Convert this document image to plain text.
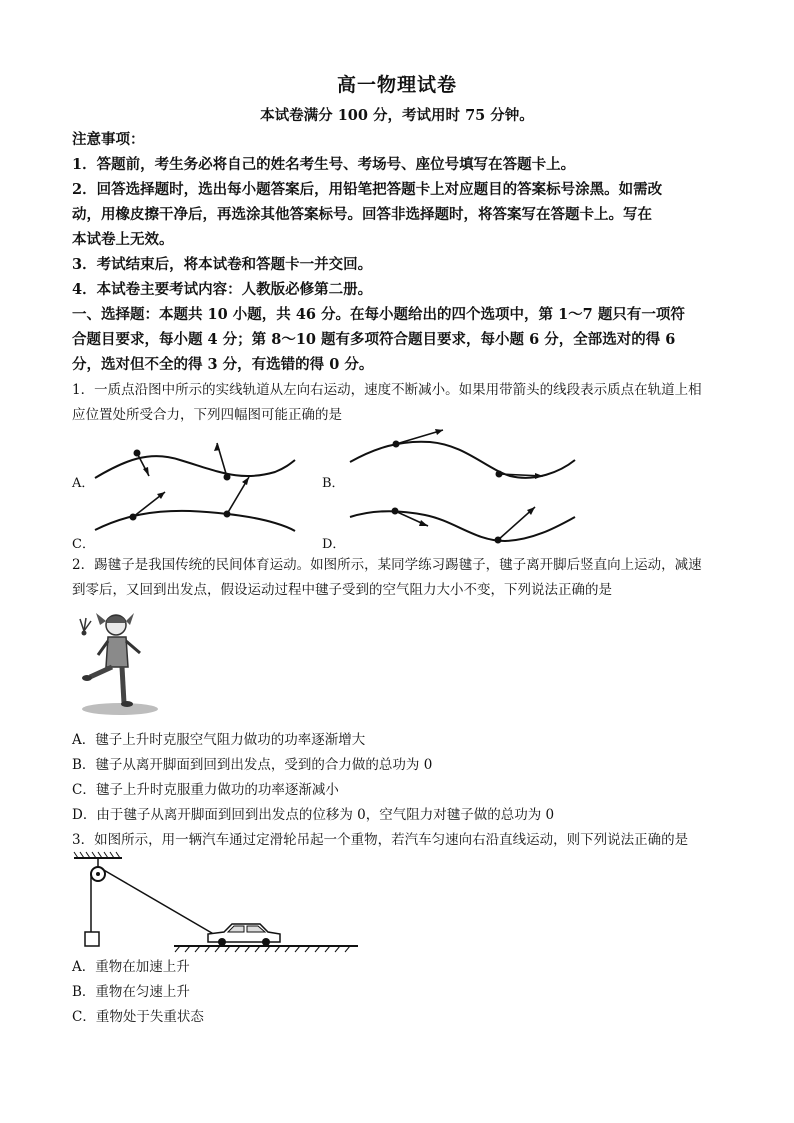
高一物理试卷
本试卷满分 100 分，考试用时 75 分钟。
注意事项：
1．答题前，考生务必将自己的姓名考生号、考场号、座位号填写在答题卡上。
2．回答选择题时，选出每小题答案后，用铅笔把答题卡上对应题目的答案标号涂黑。如需改
动，用橡皮擦干净后，再选涂其他答案标号。回答非选择题时，将答案写在答题卡上。写在
本试卷上无效。
3．考试结束后，将本试卷和答题卡一并交回。
4．本试卷主要考试内容：人教版必修第二册。
一、选择题：本题共 10 小题，共 46 分。在每小题给出的四个选项中，第 1～7 题只有一项符
合题目要求，每小题 4 分；第 8～10 题有多项符合题目要求，每小题 6 分，全部选对的得 6
分，选对但不全的得 3 分，有选错的得 0 分。
1．一质点沿图中所示的实线轨道从左向右运动，速度不断减小。如果用带箭头的线段表示质点在轨道上相
应位置处所受合力，下列四幅图可能正确的是
A．	B．
C．	D．
2．踢毽子是我国传统的民间体育运动。如图所示，某同学练习踢毽子，毽子离开脚后竖直向上运动，减速
到零后，又回到出发点，假设运动过程中毽子受到的空气阻力大小不变，下列说法正确的是
A．毽子上升时克服空气阻力做功的功率逐渐增大
B．毽子从离开脚面到回到出发点，受到的合力做的总功为 0
C．毽子上升时克服重力做功的功率逐渐减小
D．由于毽子从离开脚面到回到出发点的位移为 0，空气阻力对毽子做的总功为 0
3．如图所示，用一辆汽车通过定滑轮吊起一个重物，若汽车匀速向右沿直线运动，则下列说法正确的是
A．重物在加速上升
B．重物在匀速上升
C．重物处于失重状态
